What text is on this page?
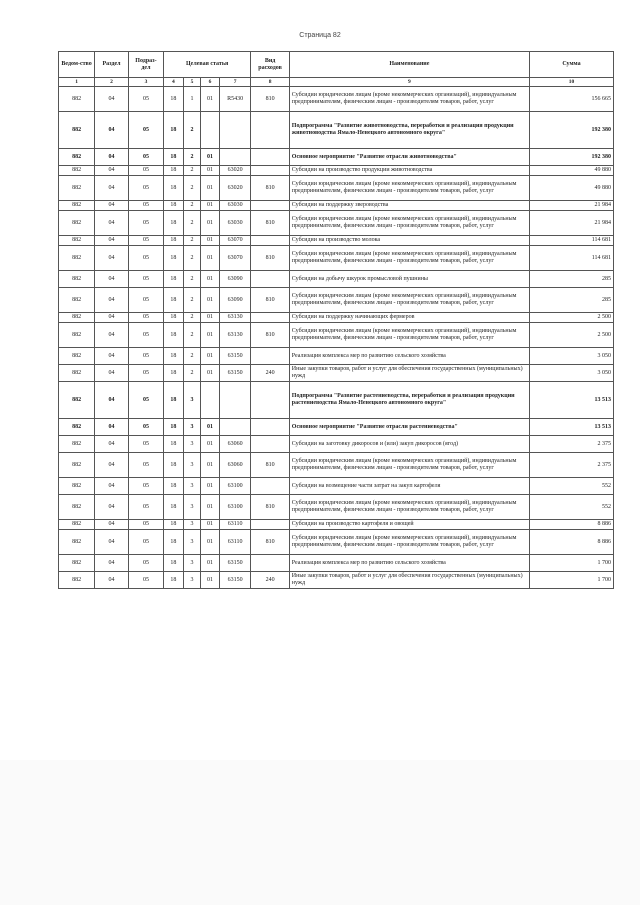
Страница 82
Ведом-ство	Раздел	Подраз-дел	Целевая статья				Вид расходов	Наименование	Сумма
1	2	3	4	5	6	7	8	9	10
882	04	05	18	1	01	R5430	810	Субсидии юридическим лицам (кроме некоммерческих организаций), индивидуальным предпринимателям, физическим лицам - производителям товаров, работ, услуг	156 665
882	04	05	18	2				Подпрограмма "Развитие животноводства, переработки и реализация продукции животноводства Ямало-Ненецкого автономного округа"	192 380
882	04	05	18	2	01			Основное мероприятие "Развитие отрасли животноводства"	192 380
882	04	05	18	2	01	63020		Субсидии на производство продукции животноводства	49 880
882	04	05	18	2	01	63020	810	Субсидии юридическим лицам (кроме некоммерческих организаций), индивидуальным предпринимателям, физическим лицам - производителям товаров, работ, услуг	49 880
882	04	05	18	2	01	63030		Субсидии на поддержку звероводства	21 984
882	04	05	18	2	01	63030	810	Субсидии юридическим лицам (кроме некоммерческих организаций), индивидуальным предпринимателям, физическим лицам - производителям товаров, работ, услуг	21 984
882	04	05	18	2	01	63070		Субсидии на производство молока	114 681
882	04	05	18	2	01	63070	810	Субсидии юридическим лицам (кроме некоммерческих организаций), индивидуальным предпринимателям, физическим лицам - производителям товаров, работ, услуг	114 681
882	04	05	18	2	01	63090		Субсидии на добычу шкурок промысловой пушнины	285
882	04	05	18	2	01	63090	810	Субсидии юридическим лицам (кроме некоммерческих организаций), индивидуальным предпринимателям, физическим лицам - производителям товаров, работ, услуг	285
882	04	05	18	2	01	63130		Субсидии на поддержку начинающих фермеров	2 500
882	04	05	18	2	01	63130	810	Субсидии юридическим лицам (кроме некоммерческих организаций), индивидуальным предпринимателям, физическим лицам - производителям товаров, работ, услуг	2 500
882	04	05	18	2	01	63150		Реализация комплекса мер по развитию сельского хозяйства	3 050
882	04	05	18	2	01	63150	240	Иные закупки товаров, работ и услуг для обеспечения государственных (муниципальных) нужд	3 050
882	04	05	18	3				Подпрограмма "Развитие растениеводства, переработки и реализация продукции растениеводства Ямало-Ненецкого автономного округа"	13 513
882	04	05	18	3	01			Основное мероприятие "Развитие отрасли растениеводства"	13 513
882	04	05	18	3	01	63060		Субсидии на заготовку дикоросов и (или) закуп дикоросов (ягод)	2 375
882	04	05	18	3	01	63060	810	Субсидии юридическим лицам (кроме некоммерческих организаций), индивидуальным предпринимателям, физическим лицам - производителям товаров, работ, услуг	2 375
882	04	05	18	3	01	63100		Субсидии на возмещение части затрат на закуп картофеля	552
882	04	05	18	3	01	63100	810	Субсидии юридическим лицам (кроме некоммерческих организаций), индивидуальным предпринимателям, физическим лицам - производителям товаров, работ, услуг	552
882	04	05	18	3	01	63110		Субсидии на производство картофеля и овощей	8 886
882	04	05	18	3	01	63110	810	Субсидии юридическим лицам (кроме некоммерческих организаций), индивидуальным предпринимателям, физическим лицам - производителям товаров, работ, услуг	8 886
882	04	05	18	3	01	63150		Реализация комплекса мер по развитию сельского хозяйства	1 700
882	04	05	18	3	01	63150	240	Иные закупки товаров, работ и услуг для обеспечения государственных (муниципальных) нужд	1 700
